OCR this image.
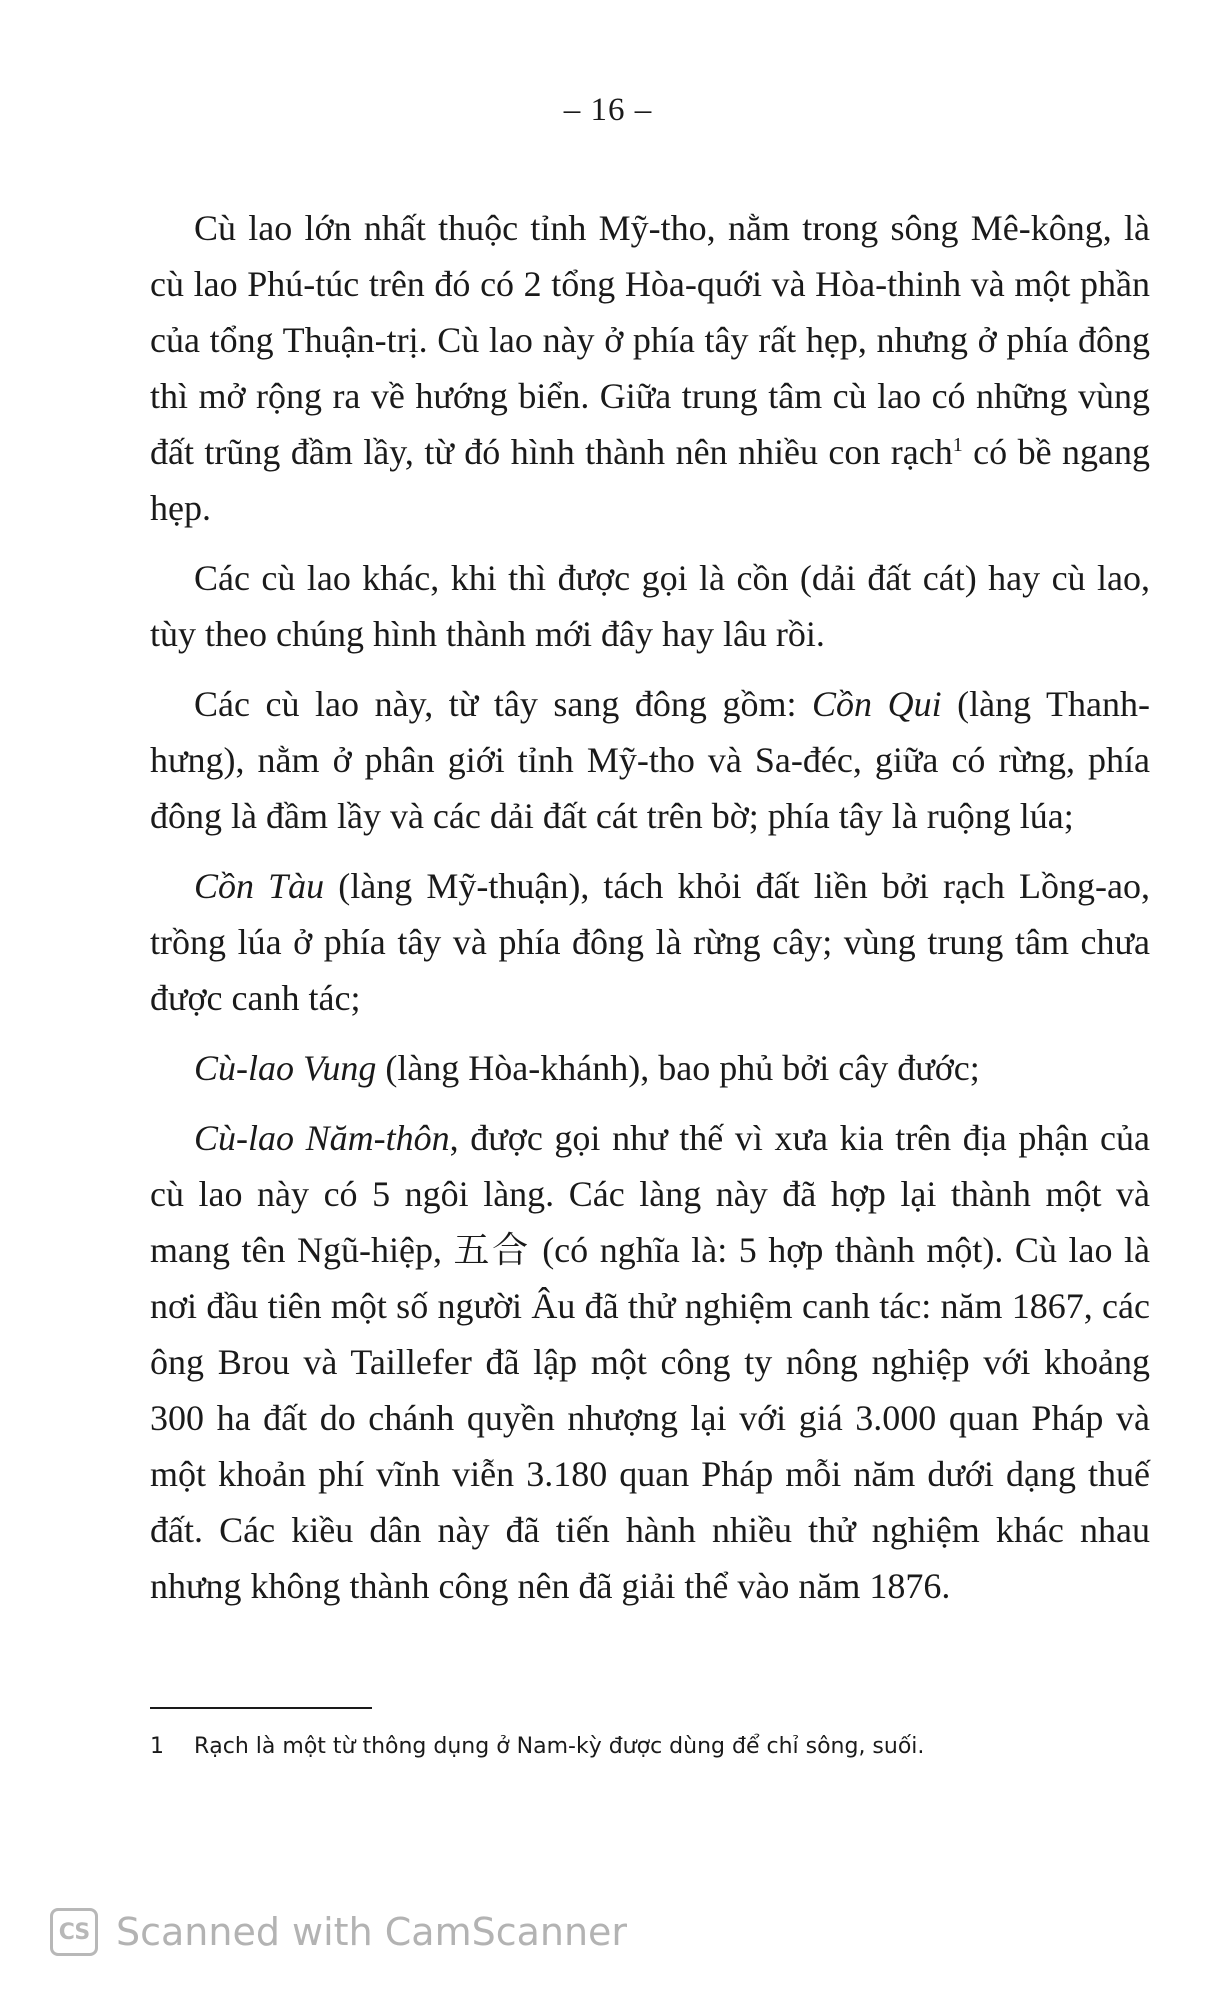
– 16 –

Cù lao lớn nhất thuộc tỉnh Mỹ-tho, nằm trong sông Mê-kông, là cù lao Phú-túc trên đó có 2 tổng Hòa-quới và Hòa-thinh và một phần của tổng Thuận-trị. Cù lao này ở phía tây rất hẹp, nhưng ở phía đông thì mở rộng ra về hướng biển. Giữa trung tâm cù lao có những vùng đất trũng đầm lầy, từ đó hình thành nên nhiều con rạch$^1$ có bề ngang hẹp.

Các cù lao khác, khi thì được gọi là cồn (dải đất cát) hay cù lao, tùy theo chúng hình thành mới đây hay lâu rồi.

Các cù lao này, từ tây sang đông gồm: Cồn Qui (làng Thanh-hưng), nằm ở phân giới tỉnh Mỹ-tho và Sa-đéc, giữa có rừng, phía đông là đầm lầy và các dải đất cát trên bờ; phía tây là ruộng lúa;

Cồn Tàu (làng Mỹ-thuận), tách khỏi đất liền bởi rạch Lồng-ao, trồng lúa ở phía tây và phía đông là rừng cây; vùng trung tâm chưa được canh tác;

Cù-lao Vung (làng Hòa-khánh), bao phủ bởi cây đước;

Cù-lao Năm-thôn, được gọi như thế vì xưa kia trên địa phận của cù lao này có 5 ngôi làng. Các làng này đã hợp lại thành một và mang tên Ngũ-hiệp, 五合 (có nghĩa là: 5 hợp thành một). Cù lao là nơi đầu tiên một số người Âu đã thử nghiệm canh tác: năm 1867, các ông Brou và Taillefer đã lập một công ty nông nghiệp với khoảng 300 ha đất do chánh quyền nhượng lại với giá 3.000 quan Pháp và một khoản phí vĩnh viễn 3.180 quan Pháp mỗi năm dưới dạng thuế đất. Các kiều dân này đã tiến hành nhiều thử nghiệm khác nhau nhưng không thành công nên đã giải thể vào năm 1876.

1 Rạch là một từ thông dụng ở Nam-kỳ được dùng để chỉ sông, suối.
CS Scanned with CamScanner
